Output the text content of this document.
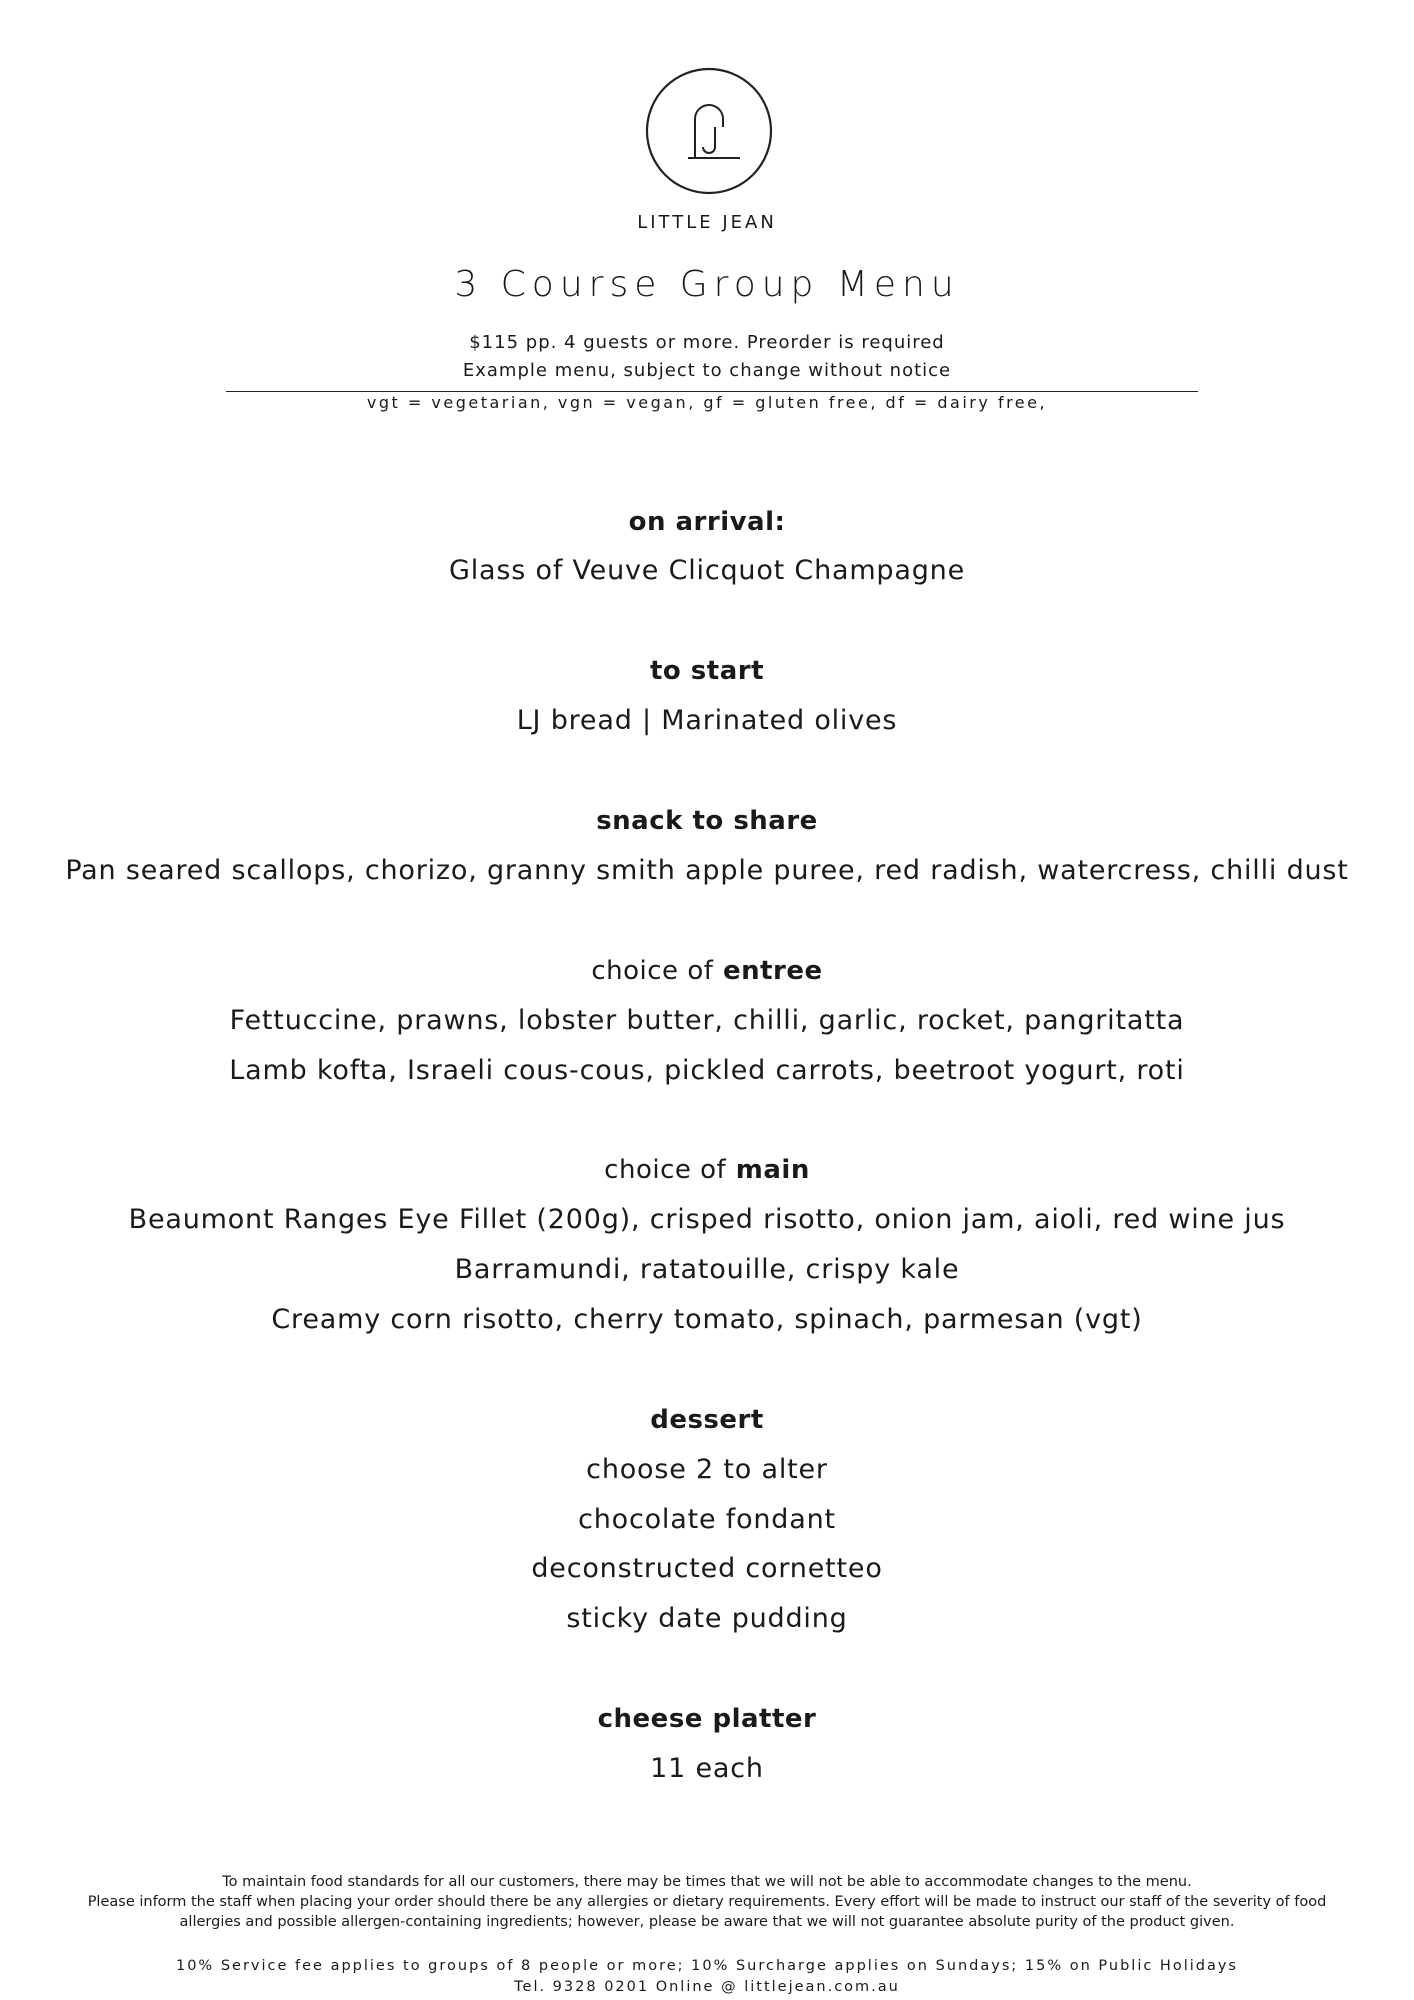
LITTLE JEAN
3 Course Group Menu
$115 pp. 4 guests or more. Preorder is required
Example menu, subject to change without notice
vgt = vegetarian, vgn = vegan, gf = gluten free, df = dairy free,
on arrival:
Glass of Veuve Clicquot Champagne
to start
LJ bread | Marinated olives
snack to share
Pan seared scallops, chorizo, granny smith apple puree, red radish, watercress, chilli dust
choice of entree
Fettuccine, prawns, lobster butter, chilli, garlic, rocket, pangritatta
Lamb kofta, Israeli cous-cous, pickled carrots, beetroot yogurt, roti
choice of main
Beaumont Ranges Eye Fillet (200g), crisped risotto, onion jam, aioli, red wine jus
Barramundi, ratatouille, crispy kale
Creamy corn risotto, cherry tomato, spinach, parmesan (vgt)
dessert
choose 2 to alter
chocolate fondant
deconstructed cornetteo
sticky date pudding
cheese platter
11 each
To maintain food standards for all our customers, there may be times that we will not be able to accommodate changes to the menu.
Please inform the staff when placing your order should there be any allergies or dietary requirements. Every effort will be made to instruct our staff of the severity of food
allergies and possible allergen-containing ingredients; however, please be aware that we will not guarantee absolute purity of the product given.
10% Service fee applies to groups of 8 people or more; 10% Surcharge applies on Sundays; 15% on Public Holidays
Tel. 9328 0201 Online @ littlejean.com.au
